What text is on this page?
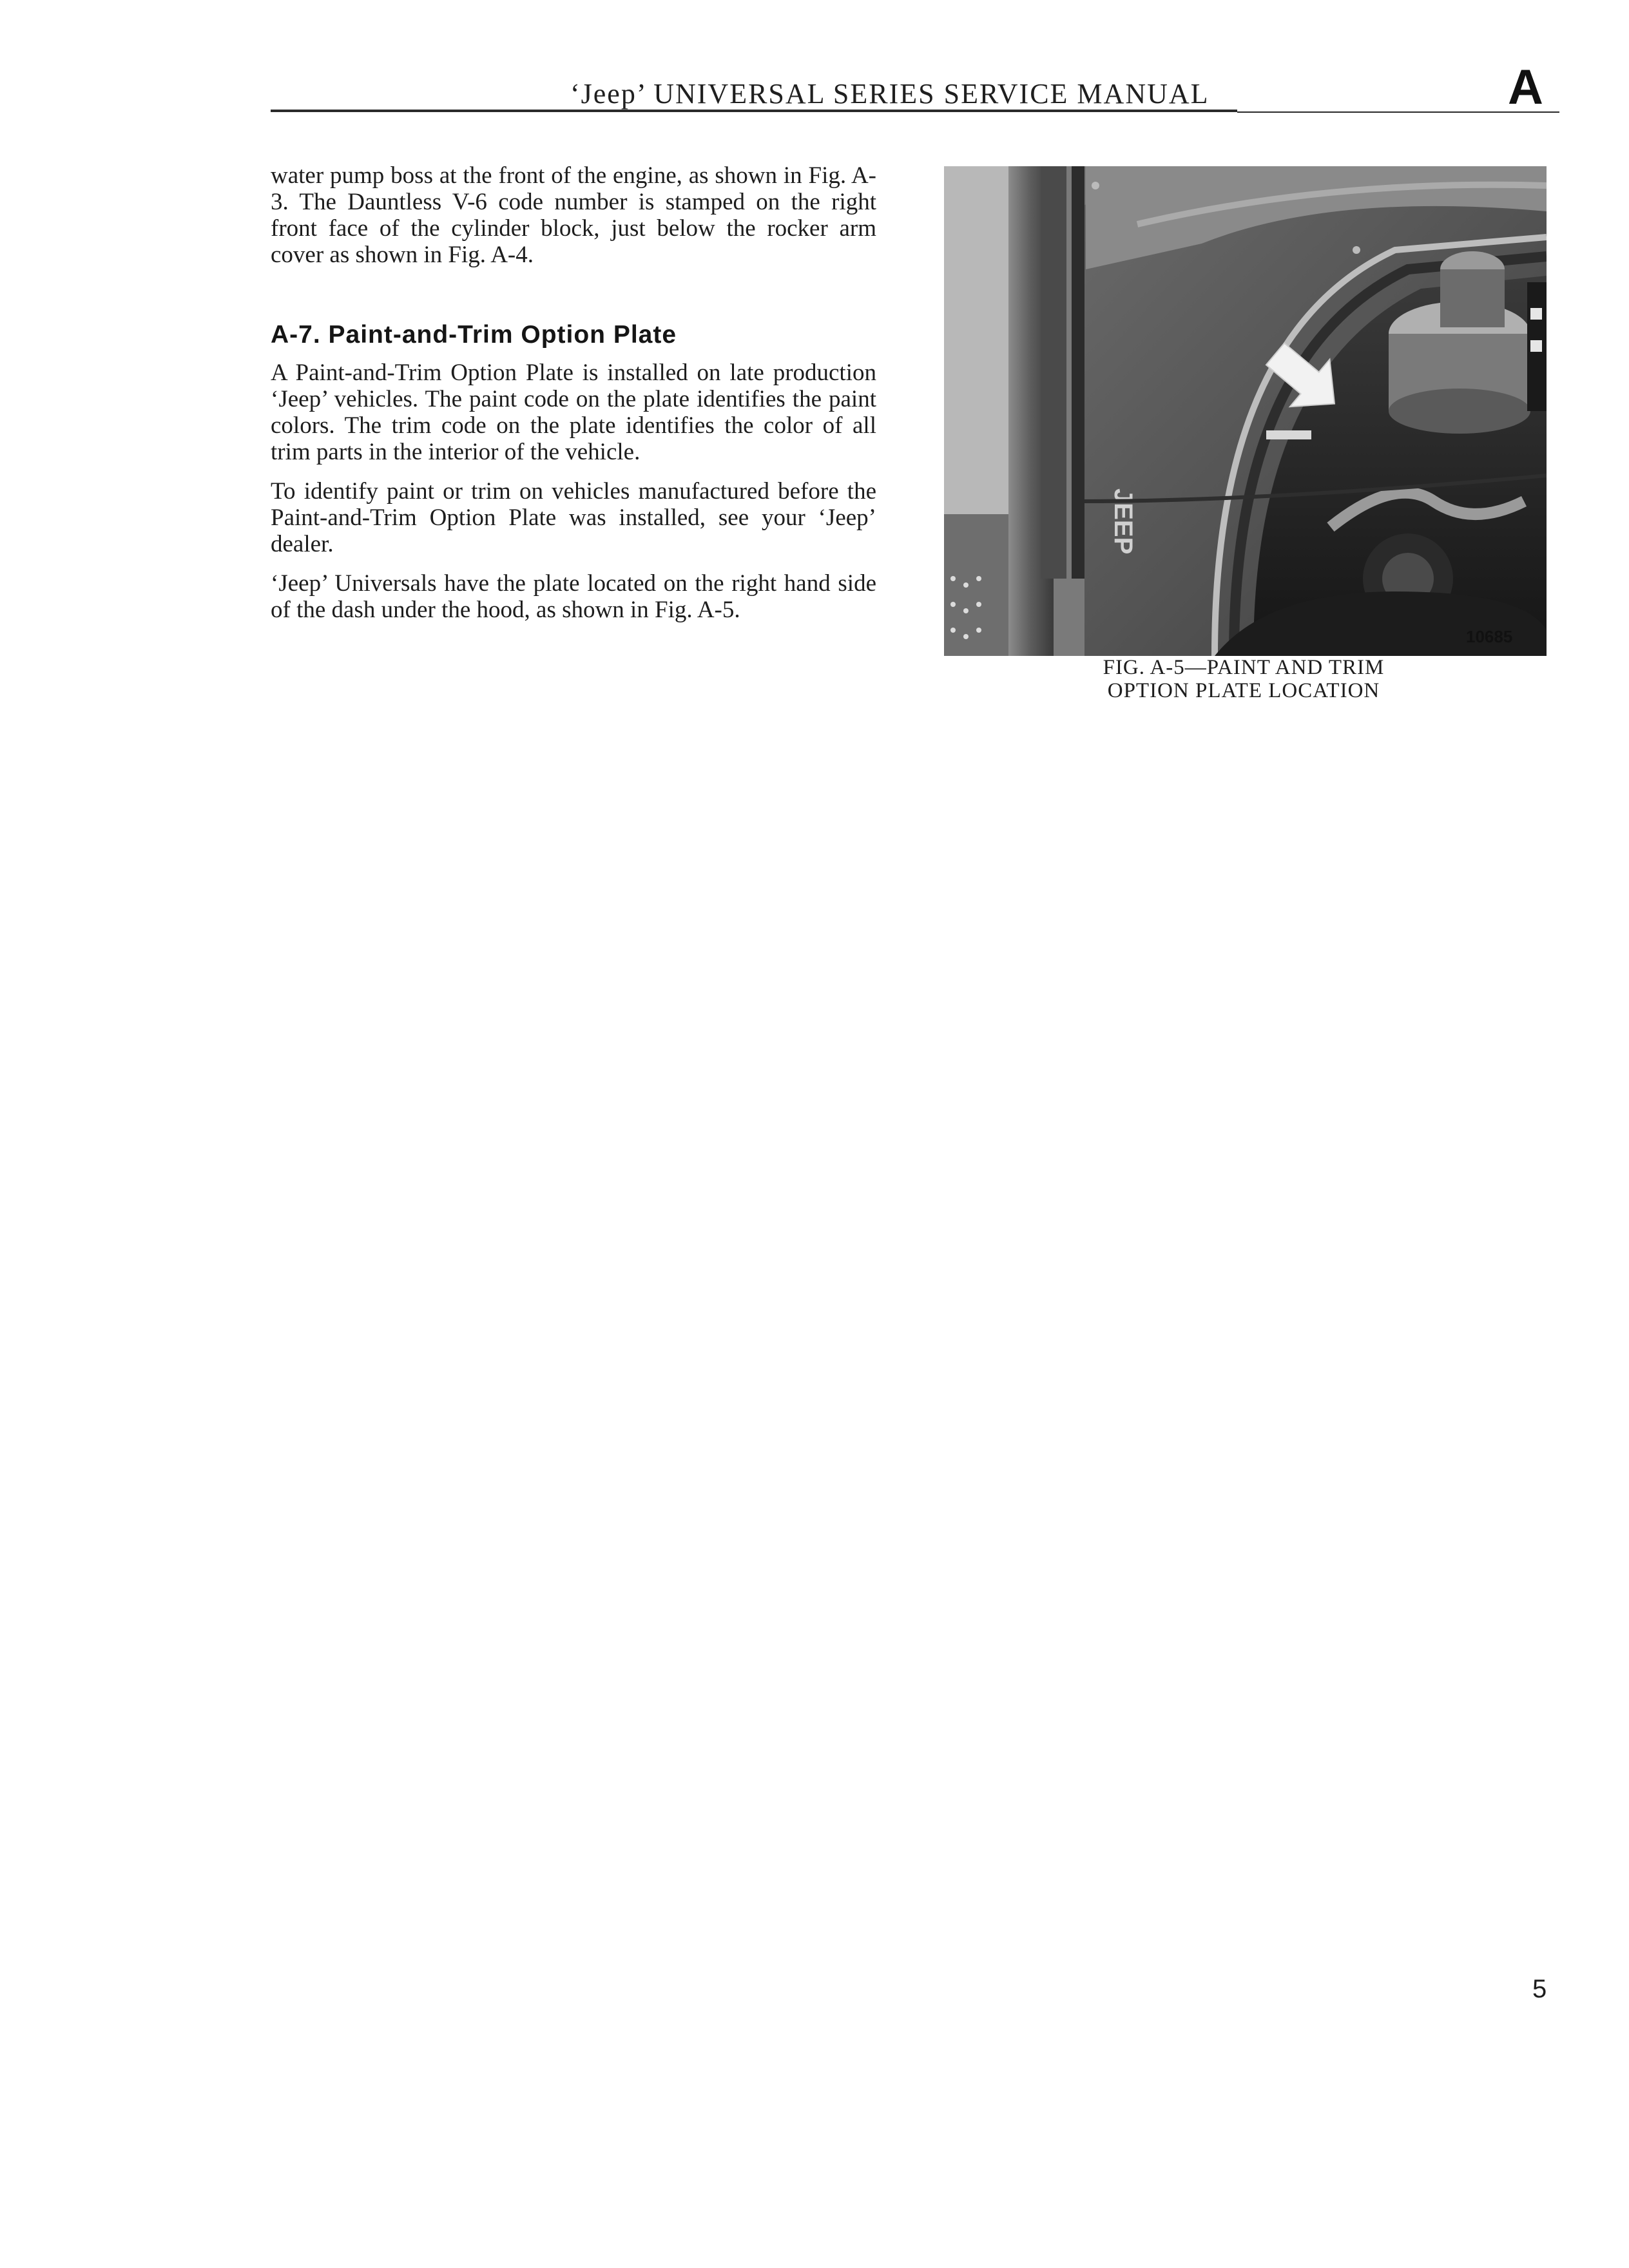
‘Jeep’ UNIVERSAL SERIES SERVICE MANUAL	A

water pump boss at the front of the engine, as shown in Fig. A-3. The Dauntless V-6 code number is stamped on the right front face of the cylinder block, just below the rocker arm cover as shown in Fig. A-4.

A-7. Paint-and-Trim Option Plate

A Paint-and-Trim Option Plate is installed on late production ‘Jeep’ vehicles. The paint code on the plate identifies the paint colors. The trim code on the plate identifies the color of all trim parts in the interior of the vehicle.

To identify paint or trim on vehicles manufactured before the Paint-and-Trim Option Plate was installed, see your ‘Jeep’ dealer.

‘Jeep’ Universals have the plate located on the right hand side of the dash under the hood, as shown in Fig. A-5.

JEEP
10685
FIG. A-5—PAINT AND TRIM
OPTION PLATE LOCATION
5
